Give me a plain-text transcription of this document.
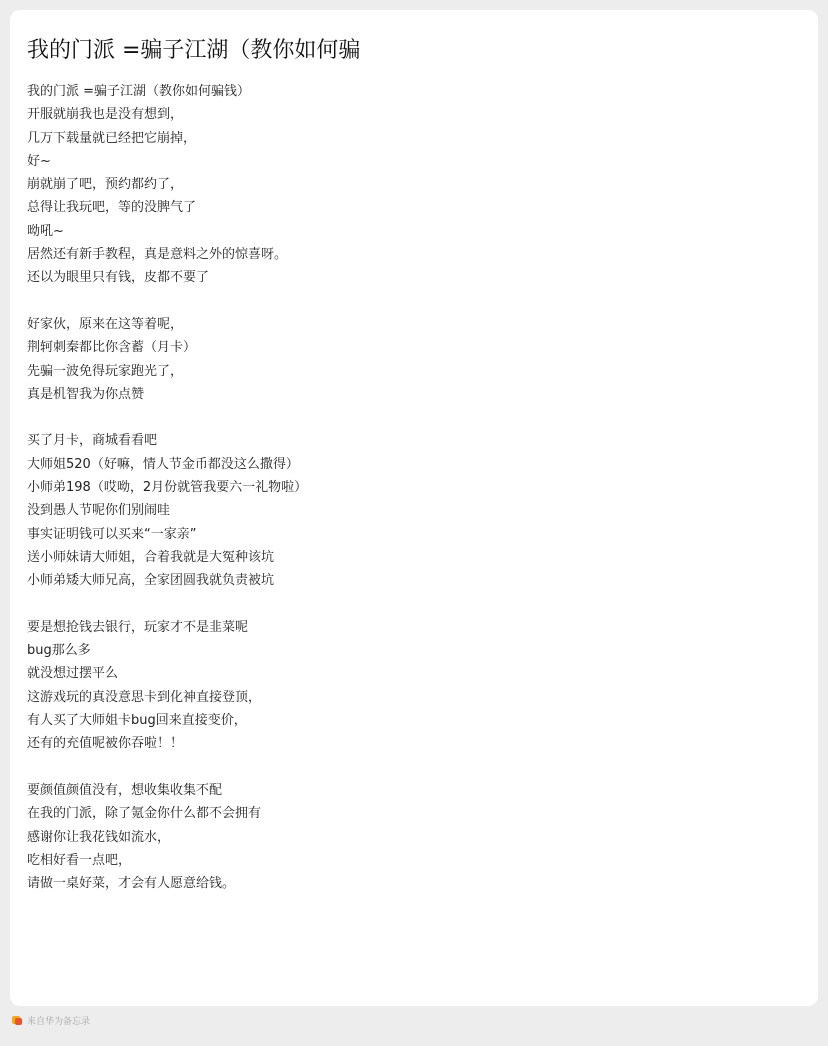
我的门派 =骗子江湖（教你如何骗
我的门派 =骗子江湖（教你如何骗钱）
开服就崩我也是没有想到，
几万下载量就已经把它崩掉，
好~
崩就崩了吧，预约都约了，
总得让我玩吧，等的没脾气了
呦吼~
居然还有新手教程，真是意料之外的惊喜呀。
还以为眼里只有钱，皮都不要了
好家伙，原来在这等着呢，
荆轲刺秦都比你含蓄（月卡）
先骗一波免得玩家跑光了，
真是机智我为你点赞
买了月卡，商城看看吧
大师姐520（好嘛，情人节金币都没这么撒得）
小师弟198（哎呦，2月份就管我要六一礼物啦）
没到愚人节呢你们别闹哇
事实证明钱可以买来“一家亲”
送小师妹请大师姐，合着我就是大冤种该坑
小师弟矮大师兄高，全家团圆我就负责被坑
要是想抢钱去银行，玩家才不是韭菜呢
bug那么多
就没想过摆平么
这游戏玩的真没意思卡到化神直接登顶，
有人买了大师姐卡bug回来直接变价，
还有的充值呢被你吞啦！！
要颜值颜值没有，想收集收集不配
在我的门派，除了氪金你什么都不会拥有
感谢你让我花钱如流水，
吃相好看一点吧，
请做一桌好菜，才会有人愿意给钱。
来自华为备忘录
